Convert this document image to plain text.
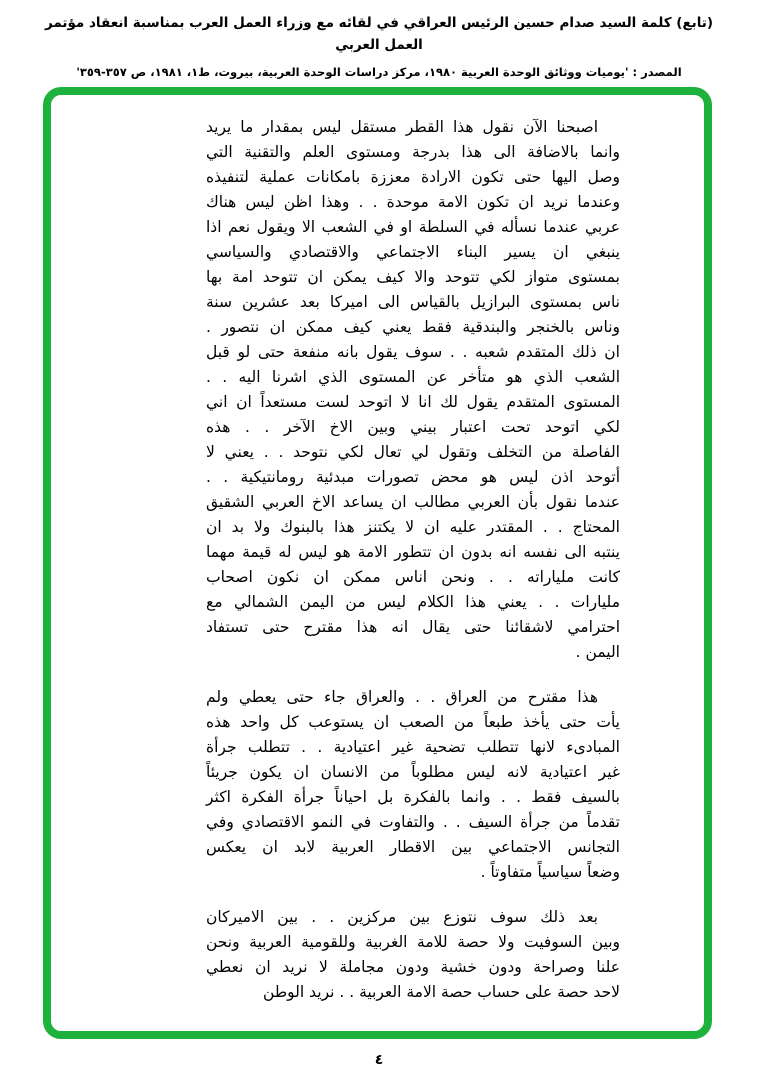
(تابع) كلمة السيد صدام حسين الرئيس العراقي في لقائه مع وزراء العمل العرب بمناسبة انعقاد مؤتمر العمل العربي
المصدر : 'يوميات ووثائق الوحدة العربية ١٩٨٠، مركز دراسات الوحدة العربية، بيروت، ط١، ١٩٨١، ص ٣٥٧-٣٥٩'
اصبحنا الآن نقول هذا القطر مستقل ليس بمقدار ما يريد
وانما بالاضافة الى هذا بدرجة ومستوى العلم والتقنية التي
وصل اليها حتى تكون الارادة معززة بامكانات عملية لتنفيذه
وعندما نريد ان تكون الامة موحدة . . وهذا اظن ليس هناك
عربي عندما نسأله في السلطة او في الشعب الا ويقول نعم اذا
ينبغي ان يسير البناء الاجتماعي والاقتصادي والسياسي
بمستوى متواز لكي تتوحد والا كيف يمكن ان تتوحد امة بها
ناس بمستوى البرازيل بالقياس الى اميركا بعد عشرين سنة
وناس بالخنجر والبندقية فقط يعني كيف ممكن ان نتصور .
ان ذلك المتقدم شعبه . . سوف يقول بانه منفعة حتى لو قبل
الشعب الذي هو متأخر عن المستوى الذي اشرنا اليه . .
المستوى المتقدم يقول لك انا لا اتوحد لست مستعداً ان اني
لكي اتوحد تحت اعتبار بيني وبين الاخ الآخر . . هذه
الفاصلة من التخلف وتقول لي تعال لكي نتوحد . . يعني لا
أتوحد اذن ليس هو محض تصورات مبدئية رومانتيكية . .
عندما نقول بأن العربي مطالب ان يساعد الاخ العربي الشقيق
المحتاج . . المقتدر عليه ان لا يكتنز هذا بالبنوك ولا بد ان
ينتبه الى نفسه انه بدون ان تتطور الامة هو ليس له قيمة مهما
كانت ملياراته . . ونحن اناس ممكن ان نكون اصحاب
مليارات . . يعني هذا الكلام ليس من اليمن الشمالي مع
احترامي لاشقائنا حتى يقال انه هذا مقترح حتى تستفاد
اليمن .
هذا مقترح من العراق . . والعراق جاء حتى يعطي ولم
يأت حتى يأخذ طبعاً من الصعب ان يستوعب كل واحد هذه
المبادىء لانها تتطلب تضحية غير اعتيادية . . تتطلب جرأة
غير اعتيادية لانه ليس مطلوباً من الانسان ان يكون جريئاً
بالسيف فقط . . وانما بالفكرة بل احياناً جرأة الفكرة اكثر
تقدماً من جرأة السيف . . والتفاوت في النمو الاقتصادي وفي
التجانس الاجتماعي بين الاقطار العربية لابد ان يعكس
وضعاً سياسياً متفاوتاً .
بعد ذلك سوف نتوزع بين مركزين . . بين الاميركان
وبين السوفيت ولا حصة للامة الغربية وللقومية العربية ونحن
علنا وصراحة ودون خشية ودون مجاملة لا نريد ان نعطي
لاحد حصة على حساب حصة الامة العربية . . نريد الوطن
٤
